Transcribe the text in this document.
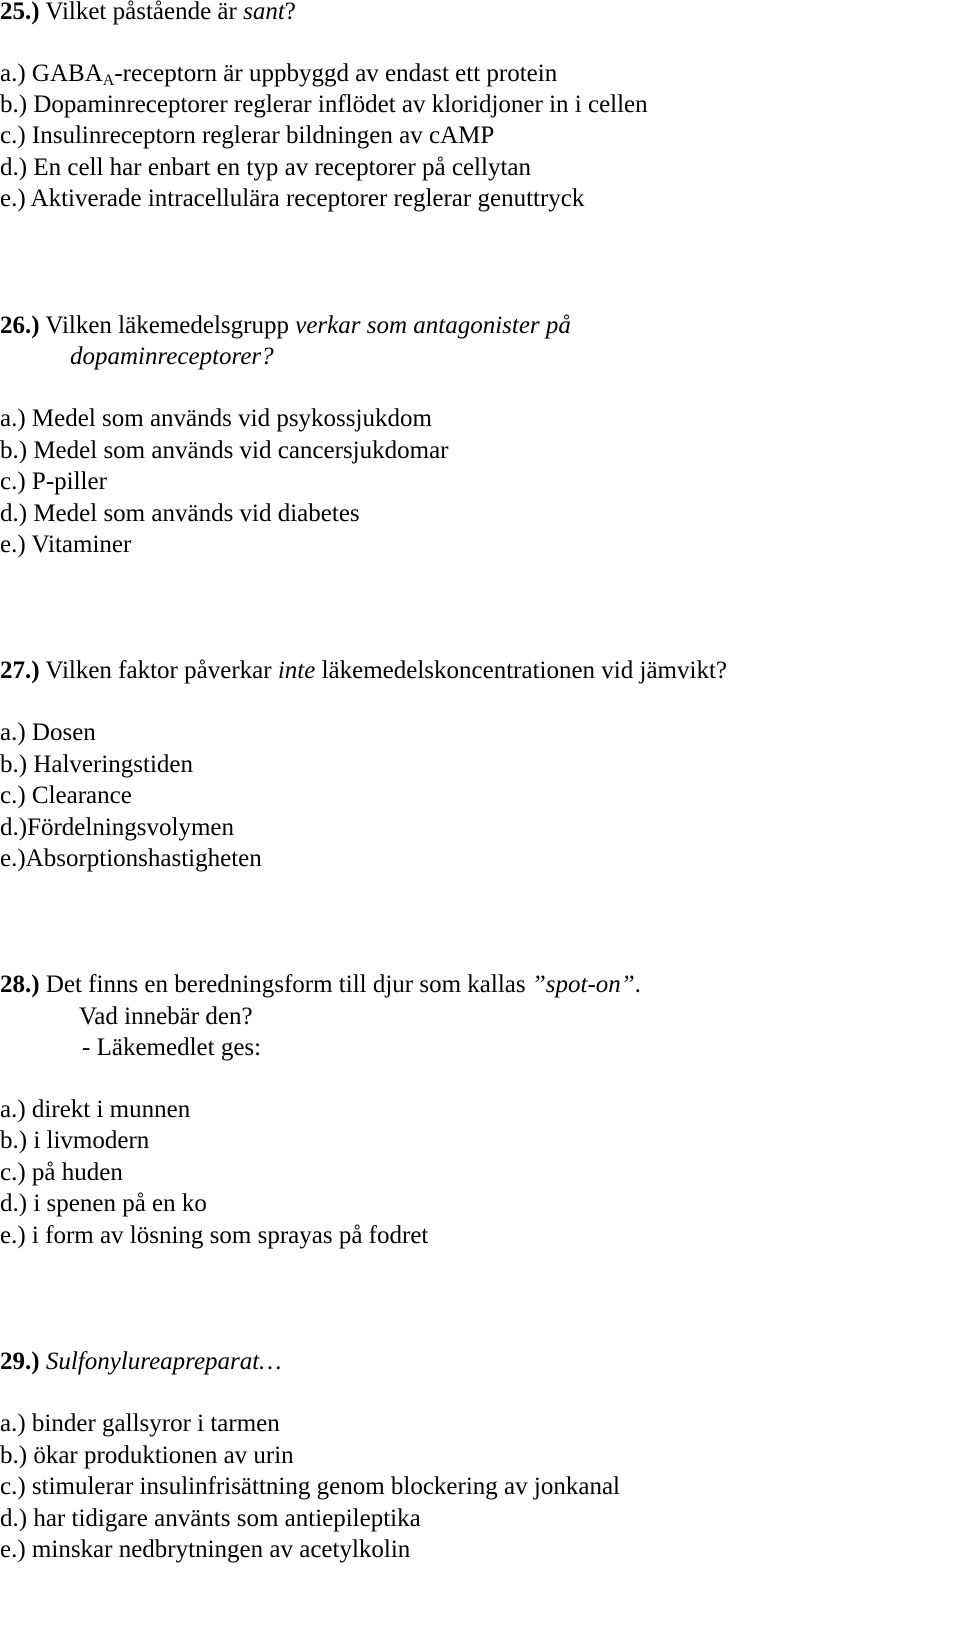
25.) Vilket påstående är sant?
a.) $GABA_A$-receptorn är uppbyggd av endast ett protein
b.) Dopaminreceptorer reglerar inflödet av kloridjoner in i cellen
c.) Insulinreceptorn reglerar bildningen av cAMP
d.) En cell har enbart en typ av receptorer på cellytan
e.) Aktiverade intracellulära receptorer reglerar genuttryck
26.) Vilken läkemedelsgrupp verkar som antagonister på
dopaminreceptorer?
a.) Medel som används vid psykossjukdom
b.) Medel som används vid cancersjukdomar
c.) P-piller
d.) Medel som används vid diabetes
e.) Vitaminer
27.) Vilken faktor påverkar inte läkemedelskoncentrationen vid jämvikt?
a.) Dosen
b.) Halveringstiden
c.) Clearance
d.)Fördelningsvolymen
e.)Absorptionshastigheten
28.) Det finns en beredningsform till djur som kallas ”spot-on”.
Vad innebär den?
- Läkemedlet ges:
a.) direkt i munnen
b.) i livmodern
c.) på huden
d.) i spenen på en ko
e.) i form av lösning som sprayas på fodret
29.) Sulfonylureapreparat…
a.) binder gallsyror i tarmen
b.) ökar produktionen av urin
c.) stimulerar insulinfrisättning genom blockering av jonkanal
d.) har tidigare använts som antiepileptika
e.) minskar nedbrytningen av acetylkolin
